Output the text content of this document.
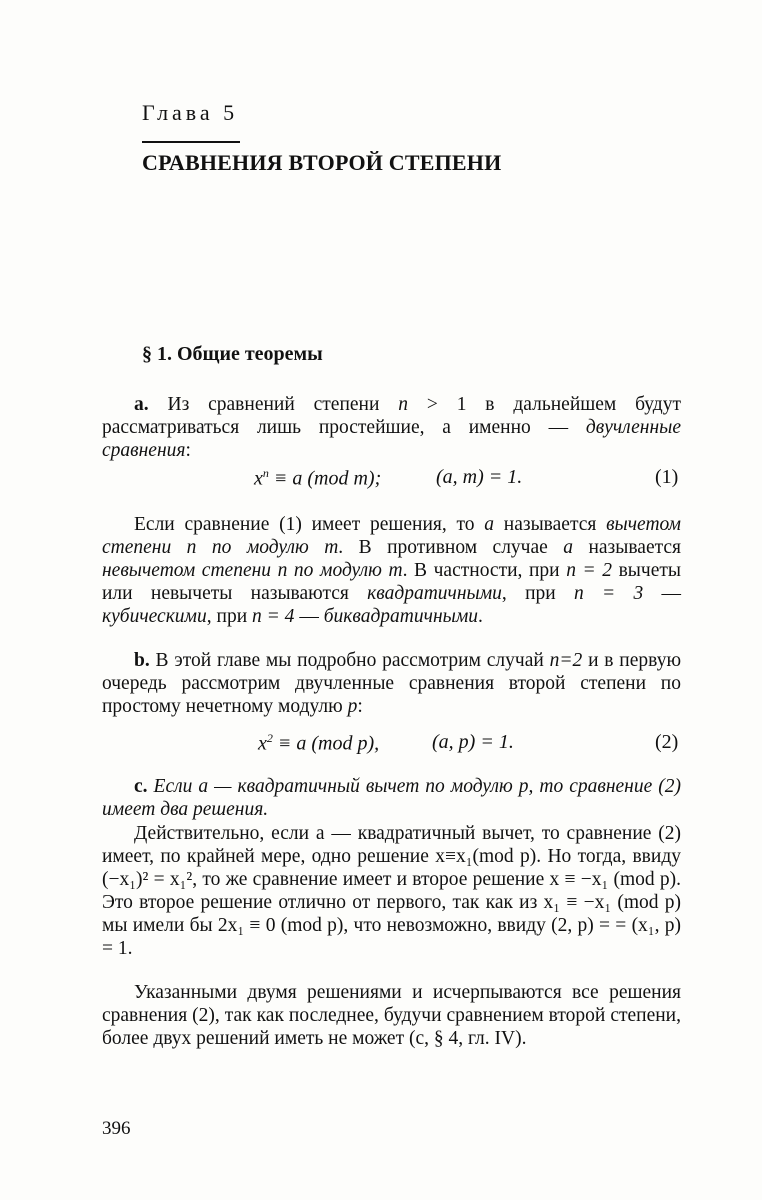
Глава 5
СРАВНЕНИЯ ВТОРОЙ СТЕПЕНИ
§ 1. Общие теоремы
a. Из сравнений степени n > 1 в дальнейшем будут рассматриваться лишь простейшие, а именно — двучленные сравнения:
$x^n \equiv a$ (mod m);	(a, m) = 1.	(1)
Если сравнение (1) имеет решения, то a называется вычетом степени n по модулю m. В противном случае a называется невычетом степени n по модулю m. В частности, при n = 2 вычеты или невычеты называются квадратичными, при n = 3 — кубическими, при n = 4 — биквадратичными.
b. В этой главе мы подробно рассмотрим случай n=2 и в первую очередь рассмотрим двучленные сравнения второй степени по простому нечетному модулю p:
$x^2 \equiv a$ (mod p),	(a, p) = 1.	(2)
c. Если a — квадратичный вычет по модулю p, то сравнение (2) имеет два решения.
Действительно, если a — квадратичный вычет, то сравнение (2) имеет, по крайней мере, одно решение x≡x₁(mod p). Но тогда, ввиду (−x₁)² = x₁², то же сравнение имеет и второе решение x ≡ −x₁ (mod p). Это второе решение отлично от первого, так как из x₁ ≡ −x₁ (mod p) мы имели бы 2x₁ ≡ 0 (mod p), что невозможно, ввиду (2, p) = = (x₁, p) = 1.
Указанными двумя решениями и исчерпываются все решения сравнения (2), так как последнее, будучи сравнением второй степени, более двух решений иметь не может (c, § 4, гл. IV).
396
